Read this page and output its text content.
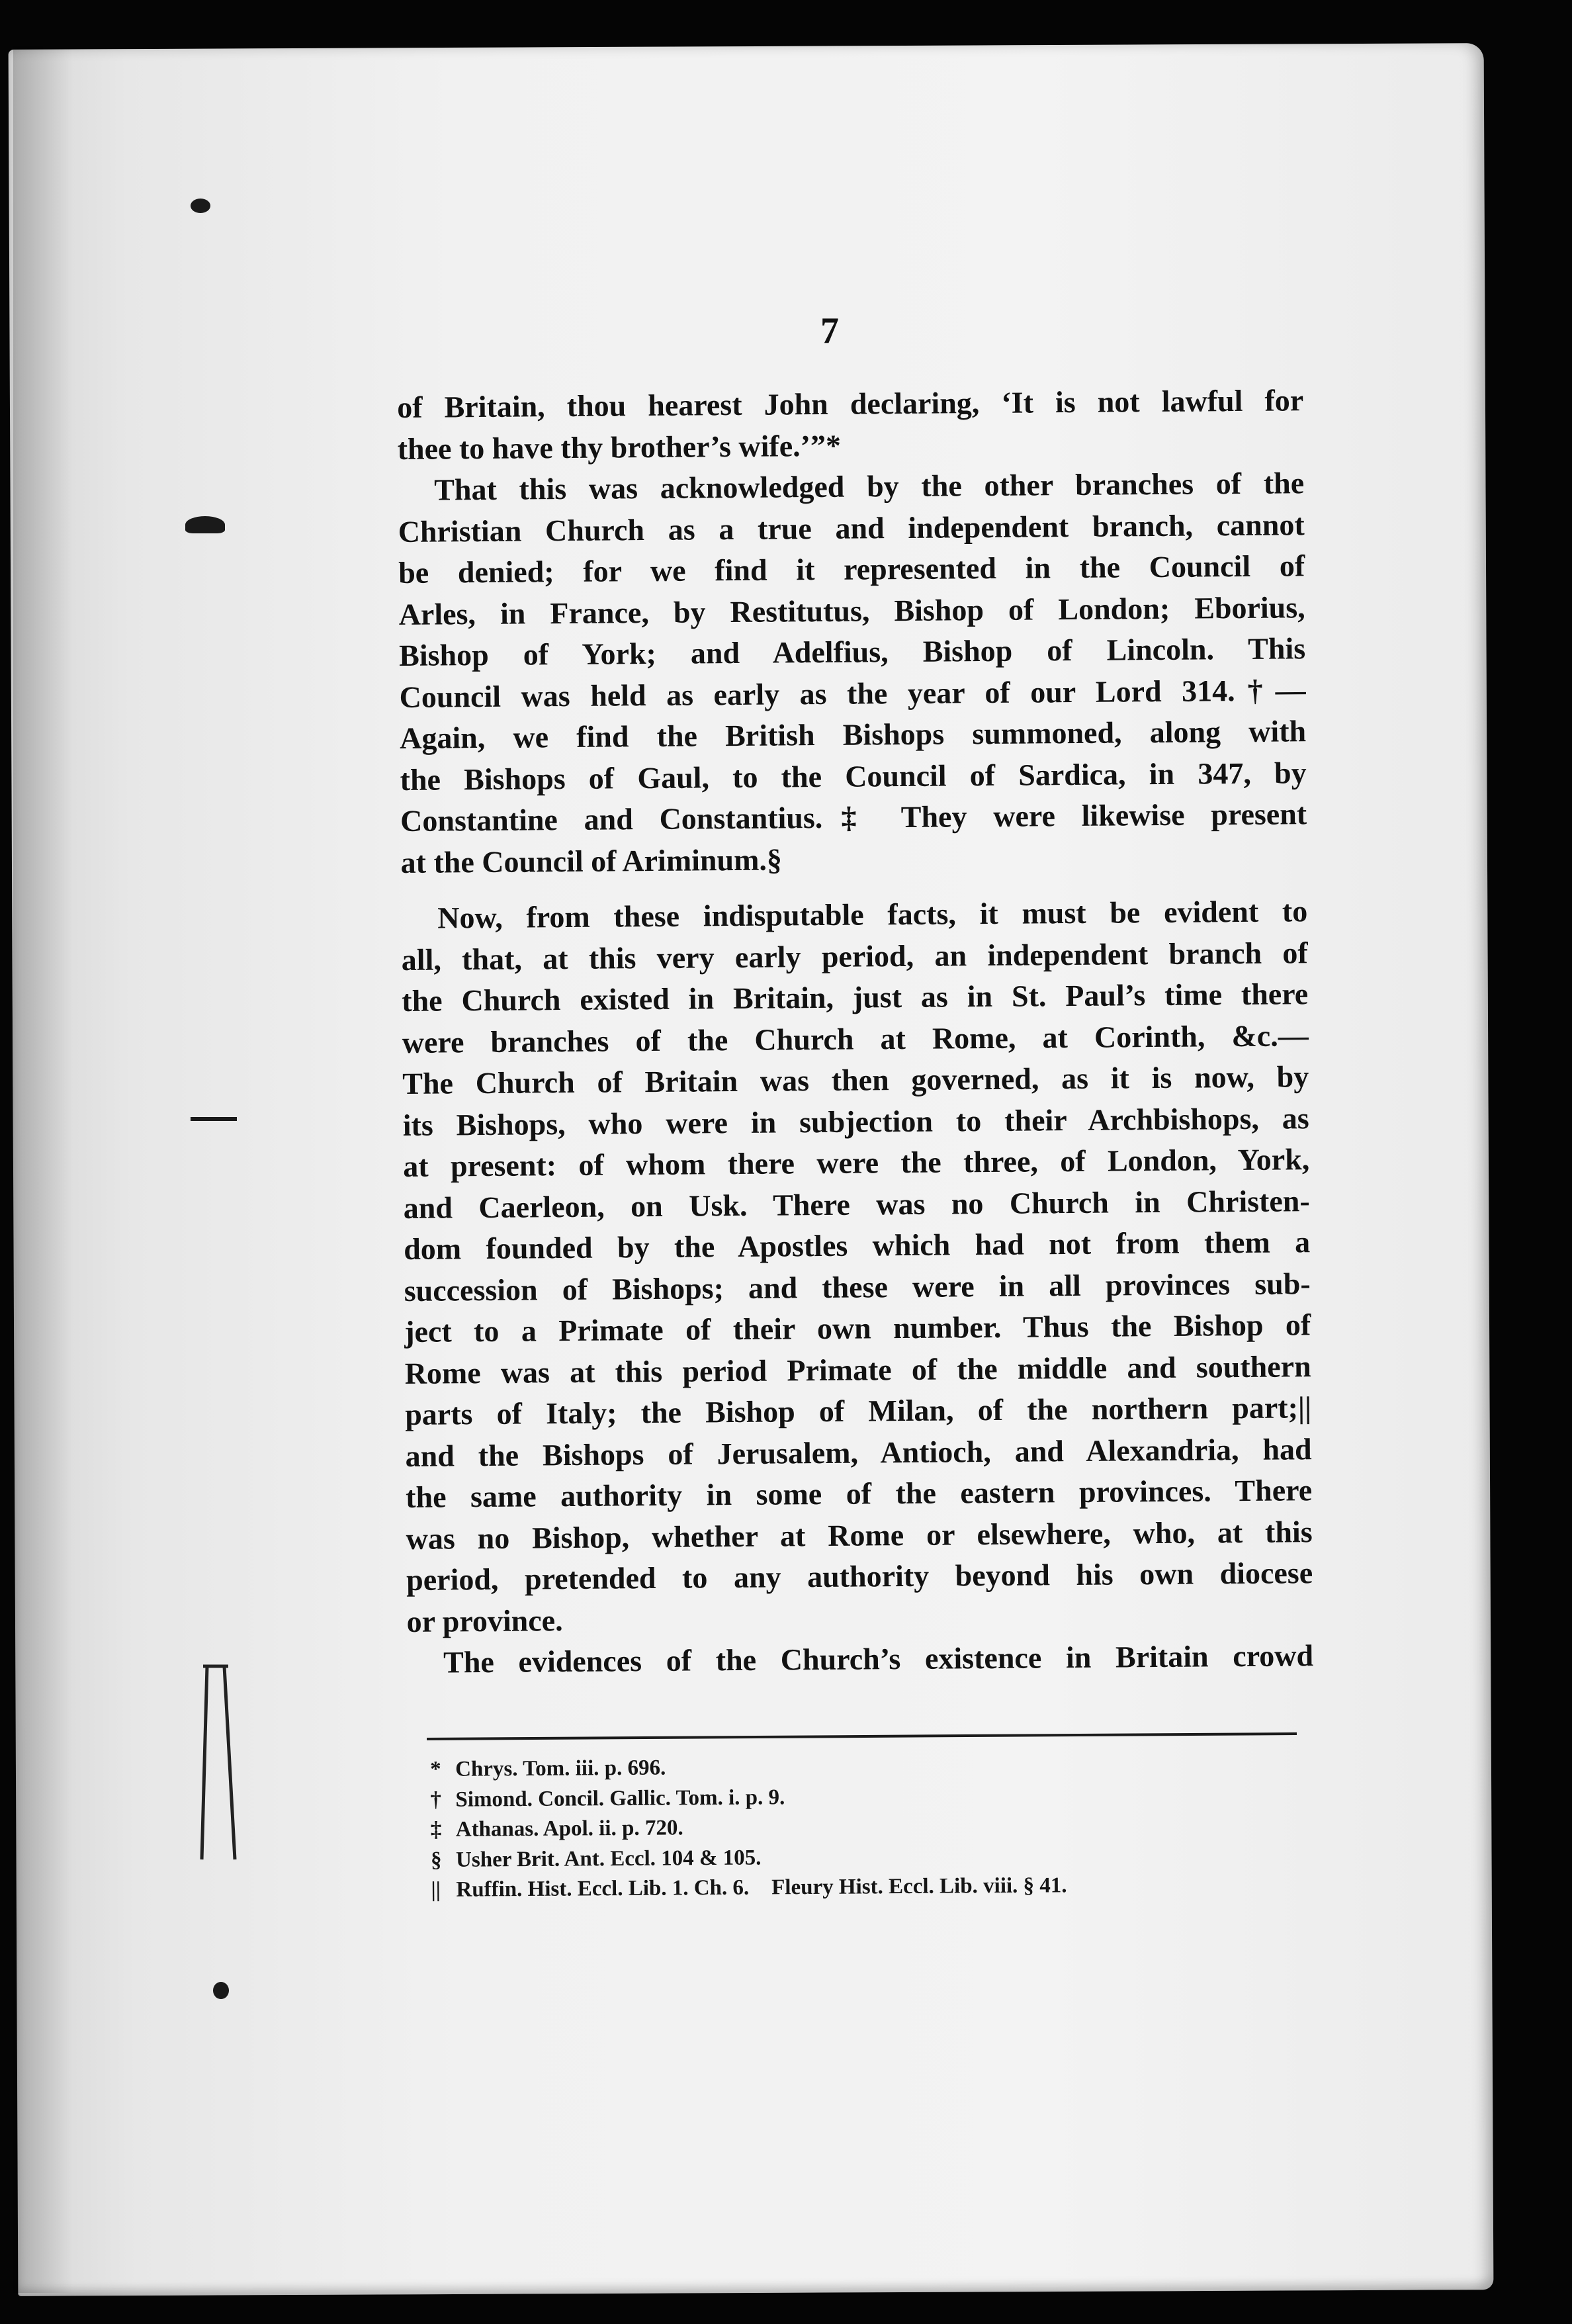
7

of Britain, thou hearest John declaring, ‘It is not lawful for

thee to have thy brother’s wife.’”*

That this was acknowledged by the other branches of the

Christian Church as a true and independent branch, cannot

be denied; for we find it represented in the Council of

Arles, in France, by Restitutus, Bishop of London; Eborius,

Bishop of York; and Adelfius, Bishop of Lincoln. This

Council was held as early as the year of our Lord 314.†—

Again, we find the British Bishops summoned, along with

the Bishops of Gaul, to the Council of Sardica, in 347, by

Constantine and Constantius.‡ They were likewise present

at the Council of Ariminum.§

Now, from these indisputable facts, it must be evident to

all, that, at this very early period, an independent branch of

the Church existed in Britain, just as in St. Paul’s time there

were branches of the Church at Rome, at Corinth, &c.—

The Church of Britain was then governed, as it is now, by

its Bishops, who were in subjection to their Archbishops, as

at present: of whom there were the three, of London, York,

and Caerleon, on Usk. There was no Church in Christen-

dom founded by the Apostles which had not from them a

succession of Bishops; and these were in all provinces sub-

ject to a Primate of their own number. Thus the Bishop of

Rome was at this period Primate of the middle and southern

parts of Italy; the Bishop of Milan, of the northern part;||

and the Bishops of Jerusalem, Antioch, and Alexandria, had

the same authority in some of the eastern provinces. There

was no Bishop, whether at Rome or elsewhere, who, at this

period, pretended to any authority beyond his own diocese

or province.

The evidences of the Church’s existence in Britain crowd

* Chrys. Tom. iii. p. 696.

† Simond. Concil. Gallic. Tom. i. p. 9.

‡ Athanas. Apol. ii. p. 720.

§ Usher Brit. Ant. Eccl. 104 & 105.

|| Ruffin. Hist. Eccl. Lib. 1. Ch. 6. Fleury Hist. Eccl. Lib. viii. § 41.
